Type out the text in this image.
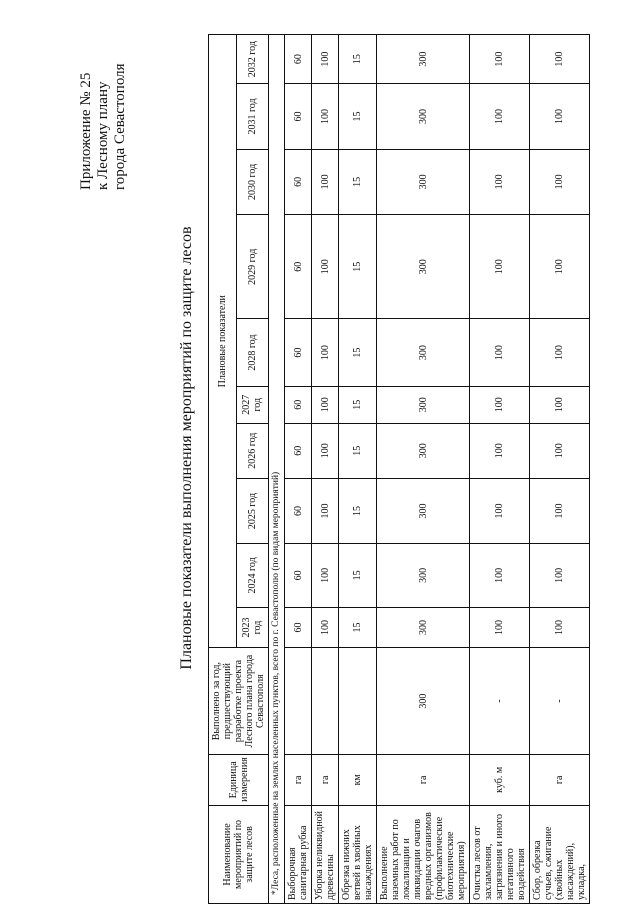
Приложение № 25 к Лесному плану города Севастополя
Плановые показатели выполнения мероприятий по защите лесов
Наименование мероприятий по защите лесов	Единица измерения	Выполнено за год, предшествующий разработке проекта Лесного плана города Севастополя	Плановые показатели									
			2023 год	2024 год	2025 год	2026 год	2027 год	2028 год	2029 год	2030 год	2031 год	2032 год
*Леса, расположенные на землях населенных пунктов, всего по г. Севастополю (по видам мероприятий)												
Выборочная санитарная рубка	га		60	60	60	60	60	60	60	60	60	60
Уборка неликвидной древесины	га		100	100	100	100	100	100	100	100	100	100
Обрезка нижних ветвей в хвойных насаждениях	км		15	15	15	15	15	15	15	15	15	15
Выполнение наземных работ по локализации и ликвидации очагов вредных организмов (профилактические биотехнические мероприятия)	га	300	300	300	300	300	300	300	300	300	300	300
Очистка лесов от захламления, загрязнения и иного негативного воздействия	куб. м	-	100	100	100	100	100	100	100	100	100	100
Сбор, обрезка сучьев, сжигание (хвойных насаждений), укладка,	га	-	100	100	100	100	100	100	100	100	100	100
